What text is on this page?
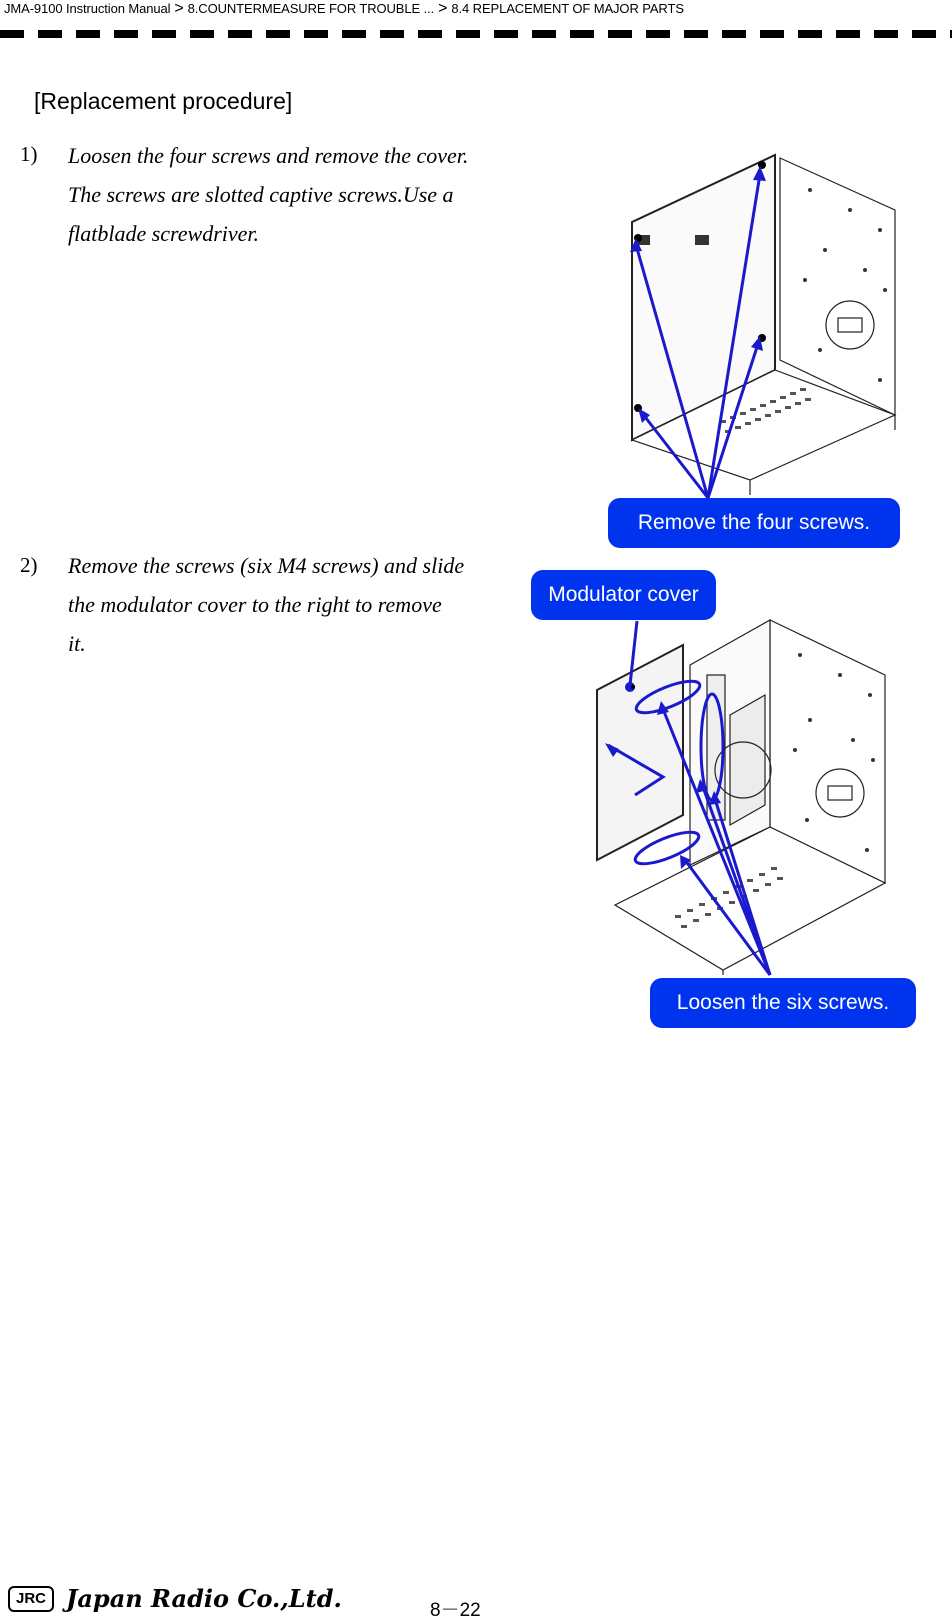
JMA-9100 Instruction Manual > 8.COUNTERMEASURE FOR TROUBLE ... > 8.4 REPLACEMENT OF MAJOR PARTS
[Replacement procedure]
1) Loosen the four screws and remove the cover.
The screws are slotted captive screws.Use a
flatblade screwdriver.
Remove the four screws.
2) Remove the screws (six M4 screws) and slide
the modulator cover to the right to remove
it.
Modulator cover
Loosen the six screws.
JRC Japan Radio Co.,Ltd.	8－22
